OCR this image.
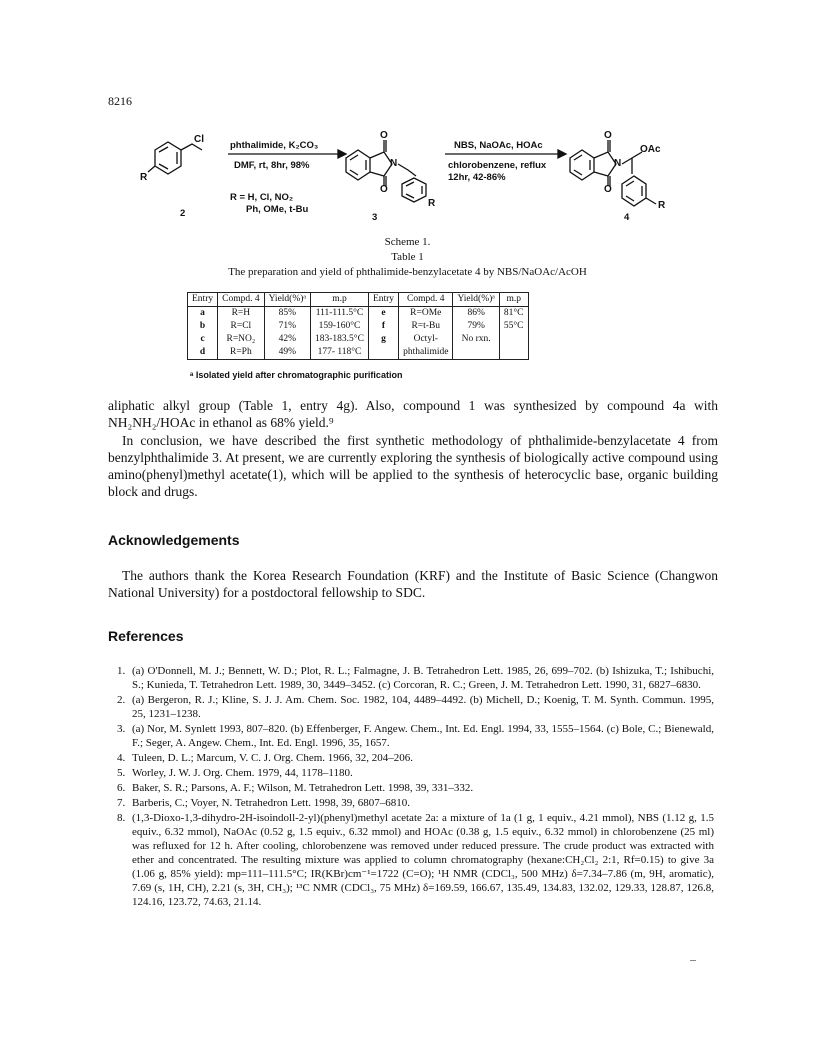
8216
Cl
R
phthalimide, K₂CO₃
DMF, rt, 8hr, 98%
R = H, Cl, NO₂
Ph, OMe, t-Bu
2
O
O
N
R
3
NBS, NaOAc, HOAc
chlorobenzene, reflux
12hr, 42-86%
O
O
N
OAc
R
4
Scheme 1.
Table 1
The preparation and yield of phthalimide-benzylacetate 4 by NBS/NaOAc/AcOH
Entry	Compd. 4	Yield(%)ᵃ	m.p	Entry	Compd. 4	Yield(%)ᵃ	m.p
a	R=H	85%	111-111.5°C	e	R=OMe	86%	81°C
b	R=Cl	71%	159-160°C	f	R=t-Bu	79%	55°C
c	R=NO₂	42%	183-183.5°C	g	Octyl-	No rxn.	
d	R=Ph	49%	177- 118°C		phthalimide		
ᵃ Isolated yield after chromatographic purification
aliphatic alkyl group (Table 1, entry 4g). Also, compound 1 was synthesized by compound 4a with NH₂NH₂/HOAc in ethanol as 68% yield.⁹
In conclusion, we have described the first synthetic methodology of phthalimide-benzylacetate 4 from benzylphthalimide 3. At present, we are currently exploring the synthesis of biologically active compound using amino(phenyl)methyl acetate(1), which will be applied to the synthesis of heterocyclic base, organic building block and drugs.
Acknowledgements
The authors thank the Korea Research Foundation (KRF) and the Institute of Basic Science (Changwon National University) for a postdoctoral fellowship to SDC.
References
1. (a) O'Donnell, M. J.; Bennett, W. D.; Plot, R. L.; Falmagne, J. B. Tetrahedron Lett. 1985, 26, 699–702. (b) Ishizuka, T.; Ishibuchi, S.; Kunieda, T. Tetrahedron Lett. 1989, 30, 3449–3452. (c) Corcoran, R. C.; Green, J. M. Tetrahedron Lett. 1990, 31, 6827–6830.
2. (a) Bergeron, R. J.; Kline, S. J. J. Am. Chem. Soc. 1982, 104, 4489–4492. (b) Michell, D.; Koenig, T. M. Synth. Commun. 1995, 25, 1231–1238.
3. (a) Nor, M. Synlett 1993, 807–820. (b) Effenberger, F. Angew. Chem., Int. Ed. Engl. 1994, 33, 1555–1564. (c) Bole, C.; Bienewald, F.; Seger, A. Angew. Chem., Int. Ed. Engl. 1996, 35, 1657.
4. Tuleen, D. L.; Marcum, V. C. J. Org. Chem. 1966, 32, 204–206.
5. Worley, J. W. J. Org. Chem. 1979, 44, 1178–1180.
6. Baker, S. R.; Parsons, A. F.; Wilson, M. Tetrahedron Lett. 1998, 39, 331–332.
7. Barberis, C.; Voyer, N. Tetrahedron Lett. 1998, 39, 6807–6810.
8. (1,3-Dioxo-1,3-dihydro-2H-isoindoll-2-yl)(phenyl)methyl acetate 2a: a mixture of 1a (1 g, 1 equiv., 4.21 mmol), NBS (1.12 g, 1.5 equiv., 6.32 mmol), NaOAc (0.52 g, 1.5 equiv., 6.32 mmol) and HOAc (0.38 g, 1.5 equiv., 6.32 mmol) in chlorobenzene (25 ml) was refluxed for 12 h. After cooling, chlorobenzene was removed under reduced pressure. The crude product was extracted with ether and concentrated. The resulting mixture was applied to column chromatography (hexane:CH₂Cl₂ 2:1, Rf=0.15) to give 3a (1.06 g, 85% yield): mp=111–111.5°C; IR(KBr)cm⁻¹=1722 (C=O); ¹H NMR (CDCl₃, 500 MHz) δ=7.34–7.86 (m, 9H, aromatic), 7.69 (s, 1H, CH), 2.21 (s, 3H, CH₃); ¹³C NMR (CDCl₃, 75 MHz) δ=169.59, 166.67, 135.49, 134.83, 132.02, 129.33, 128.87, 126.8, 124.16, 123.72, 74.63, 21.14.
